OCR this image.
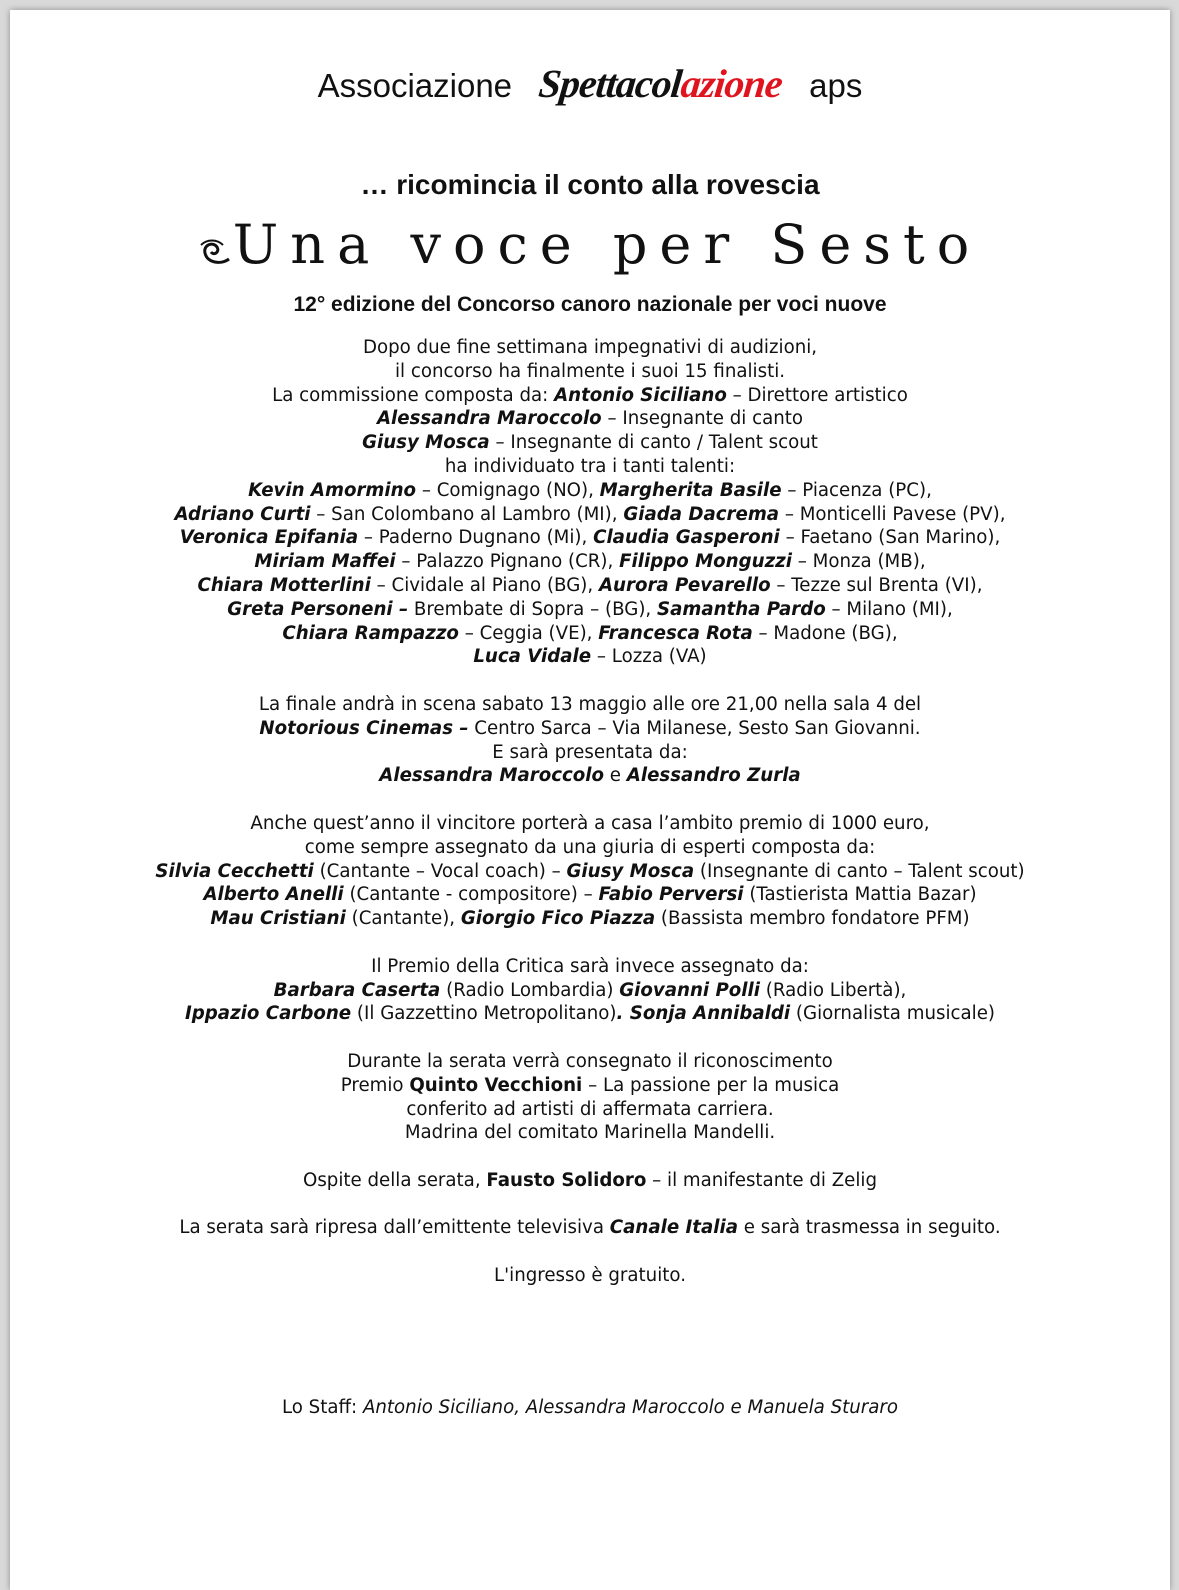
Associazione Spettacolazione aps
… ricomincia il conto alla rovescia
Una voce per Sesto
12° edizione del Concorso canoro nazionale per voci nuove

Dopo due fine settimana impegnativi di audizioni,

il concorso ha finalmente i suoi 15 finalisti.

La commissione composta da: Antonio Siciliano – Direttore artistico

Alessandra Maroccolo – Insegnante di canto

Giusy Mosca – Insegnante di canto / Talent scout

ha individuato tra i tanti talenti:

Kevin Amormino – Comignago (NO), Margherita Basile – Piacenza (PC),

Adriano Curti – San Colombano al Lambro (MI), Giada Dacrema – Monticelli Pavese (PV),

Veronica Epifania – Paderno Dugnano (Mi), Claudia Gasperoni – Faetano (San Marino),

Miriam Maffei – Palazzo Pignano (CR), Filippo Monguzzi – Monza (MB),

Chiara Motterlini – Cividale al Piano (BG), Aurora Pevarello – Tezze sul Brenta (VI),

Greta Personeni – Brembate di Sopra – (BG), Samantha Pardo – Milano (MI),

Chiara Rampazzo – Ceggia (VE), Francesca Rota – Madone (BG),

Luca Vidale – Lozza (VA)

La finale andrà in scena sabato 13 maggio alle ore 21,00 nella sala 4 del

Notorious Cinemas – Centro Sarca – Via Milanese, Sesto San Giovanni.

E sarà presentata da:

Alessandra Maroccolo e Alessandro Zurla

Anche quest’anno il vincitore porterà a casa l’ambito premio di 1000 euro,

come sempre assegnato da una giuria di esperti composta da:

Silvia Cecchetti (Cantante – Vocal coach) – Giusy Mosca (Insegnante di canto – Talent scout)

Alberto Anelli (Cantante - compositore) – Fabio Perversi (Tastierista Mattia Bazar)

Mau Cristiani (Cantante), Giorgio Fico Piazza (Bassista membro fondatore PFM)

Il Premio della Critica sarà invece assegnato da:

Barbara Caserta (Radio Lombardia) Giovanni Polli (Radio Libertà),

Ippazio Carbone (Il Gazzettino Metropolitano). Sonja Annibaldi (Giornalista musicale)

Durante la serata verrà consegnato il riconoscimento

Premio Quinto Vecchioni – La passione per la musica

conferito ad artisti di affermata carriera.

Madrina del comitato Marinella Mandelli.

Ospite della serata, Fausto Solidoro – il manifestante di Zelig

La serata sarà ripresa dall’emittente televisiva Canale Italia e sarà trasmessa in seguito.

L'ingresso è gratuito.

Lo Staff: Antonio Siciliano, Alessandra Maroccolo e Manuela Sturaro
